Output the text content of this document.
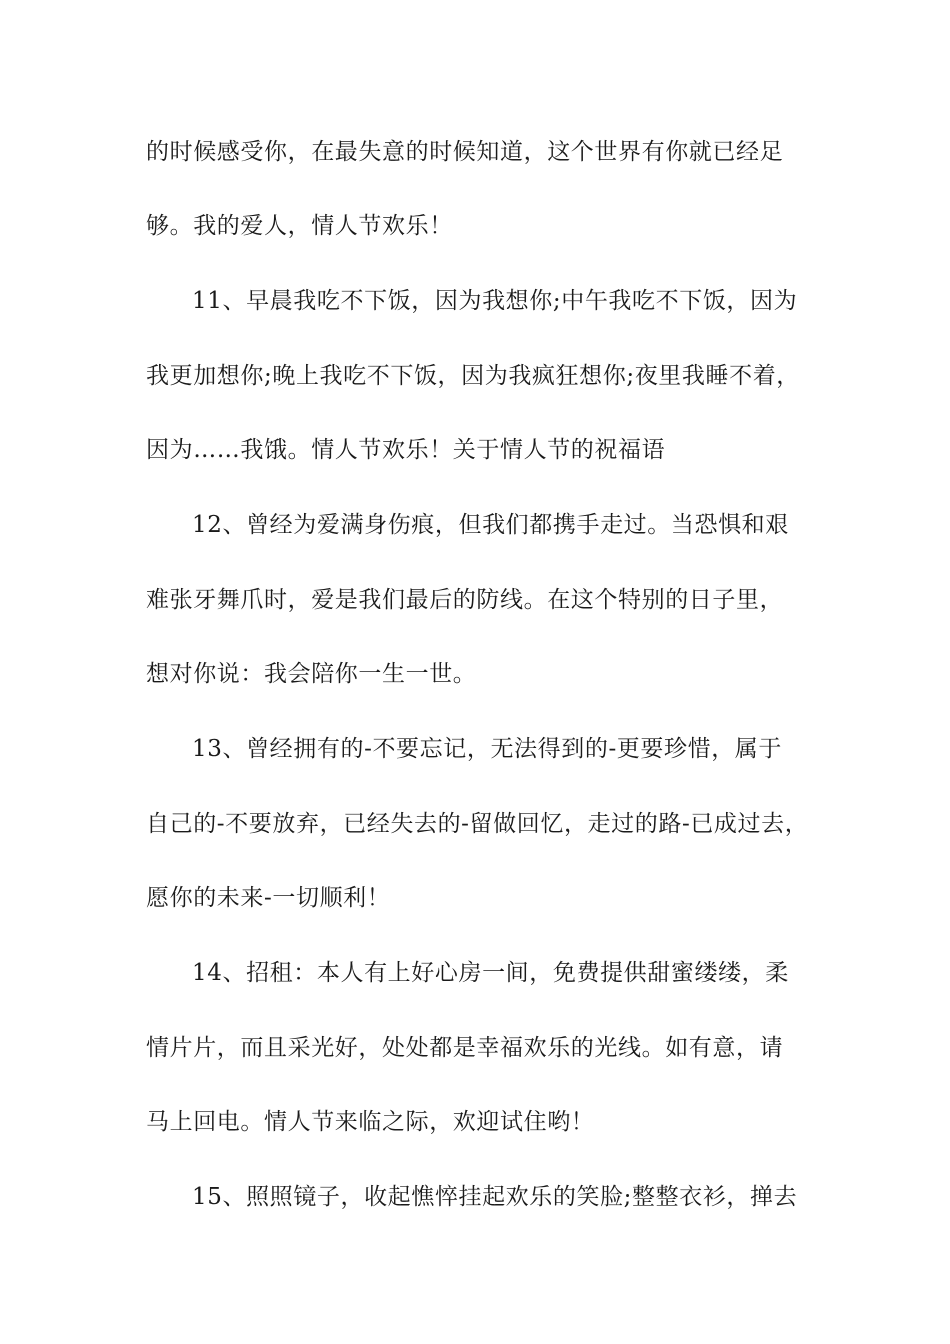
的时候感受你，在最失意的时候知道，这个世界有你就已经足
够。我的爱人，情人节欢乐！
11、早晨我吃不下饭，因为我想你;中午我吃不下饭，因为
我更加想你;晚上我吃不下饭，因为我疯狂想你;夜里我睡不着，
因为……我饿。情人节欢乐！关于情人节的祝福语
12、曾经为爱满身伤痕，但我们都携手走过。当恐惧和艰
难张牙舞爪时，爱是我们最后的防线。在这个特别的日子里，
想对你说：我会陪你一生一世。
13、曾经拥有的-不要忘记，无法得到的-更要珍惜，属于
自己的-不要放弃，已经失去的-留做回忆，走过的路-已成过去，
愿你的未来-一切顺利！
14、招租：本人有上好心房一间，免费提供甜蜜缕缕，柔
情片片，而且采光好，处处都是幸福欢乐的光线。如有意，请
马上回电。情人节来临之际，欢迎试住哟！
15、照照镜子，收起憔悴挂起欢乐的笑脸;整整衣衫，掸去
